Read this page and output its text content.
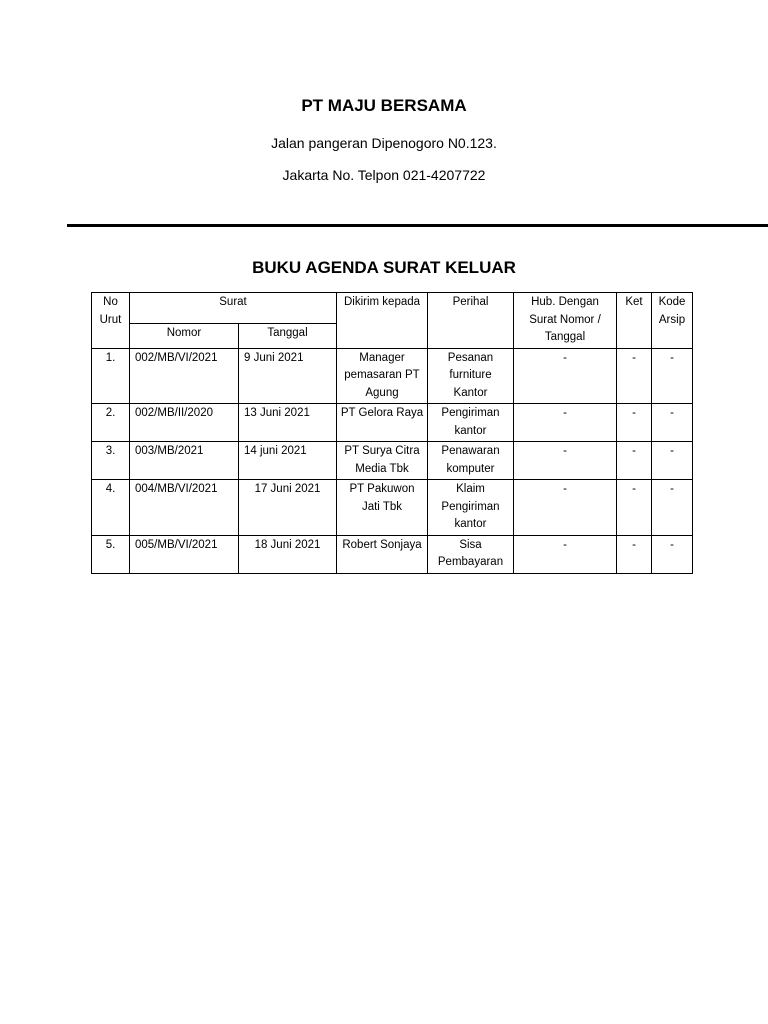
PT MAJU BERSAMA
Jalan pangeran Dipenogoro N0.123.
Jakarta No. Telpon 021-4207722
BUKU AGENDA SURAT KELUAR
No Urut	Surat		Dikirim kepada	Perihal	Hub. Dengan Surat Nomor / Tanggal	Ket	Kode Arsip
	Nomor	Tanggal					
1.	002/MB/VI/2021	9 Juni 2021	Manager pemasaran PT Agung	Pesanan furniture Kantor	-	-	-
2.	002/MB/II/2020	13 Juni 2021	PT Gelora Raya	Pengiriman kantor	-	-	-
3.	003/MB/2021	14 juni 2021	PT Surya Citra Media Tbk	Penawaran komputer	-	-	-
4.	004/MB/VI/2021	17 Juni 2021	PT Pakuwon Jati Tbk	Klaim Pengiriman kantor	-	-	-
5.	005/MB/VI/2021	18 Juni 2021	Robert Sonjaya	Sisa Pembayaran	-	-	-
